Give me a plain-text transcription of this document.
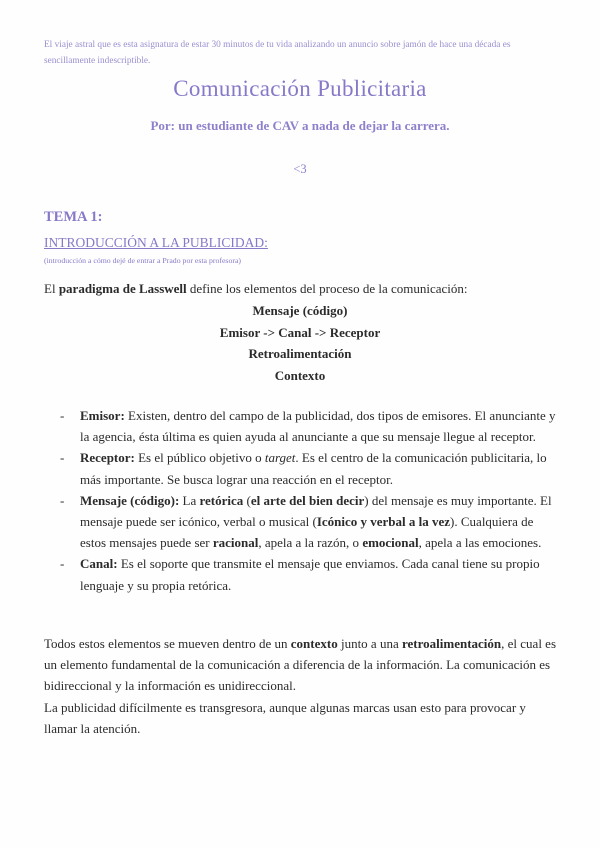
El viaje astral que es esta asignatura de estar 30 minutos de tu vida analizando un anuncio sobre jamón de hace una década es sencillamente indescriptible.
Comunicación Publicitaria
Por: un estudiante de CAV a nada de dejar la carrera.
<3
TEMA 1:
INTRODUCCIÓN A LA PUBLICIDAD:
(introducción a cómo dejé de entrar a Prado por esta profesora)
El paradigma de Lasswell define los elementos del proceso de la comunicación:
Mensaje (código)
Emisor -> Canal -> Receptor
Retroalimentación
Contexto
- Emisor: Existen, dentro del campo de la publicidad, dos tipos de emisores. El anunciante y la agencia, ésta última es quien ayuda al anunciante a que su mensaje llegue al receptor.
- Receptor: Es el público objetivo o target. Es el centro de la comunicación publicitaria, lo más importante. Se busca lograr una reacción en el receptor.
- Mensaje (código): La retórica (el arte del bien decir) del mensaje es muy importante. El mensaje puede ser icónico, verbal o musical (Icónico y verbal a la vez). Cualquiera de estos mensajes puede ser racional, apela a la razón, o emocional, apela a las emociones.
- Canal: Es el soporte que transmite el mensaje que enviamos. Cada canal tiene su propio lenguaje y su propia retórica.

Todos estos elementos se mueven dentro de un contexto junto a una retroalimentación, el cual es un elemento fundamental de la comunicación a diferencia de la información. La comunicación es bidireccional y la información es unidireccional.
La publicidad difícilmente es transgresora, aunque algunas marcas usan esto para provocar y llamar la atención.
